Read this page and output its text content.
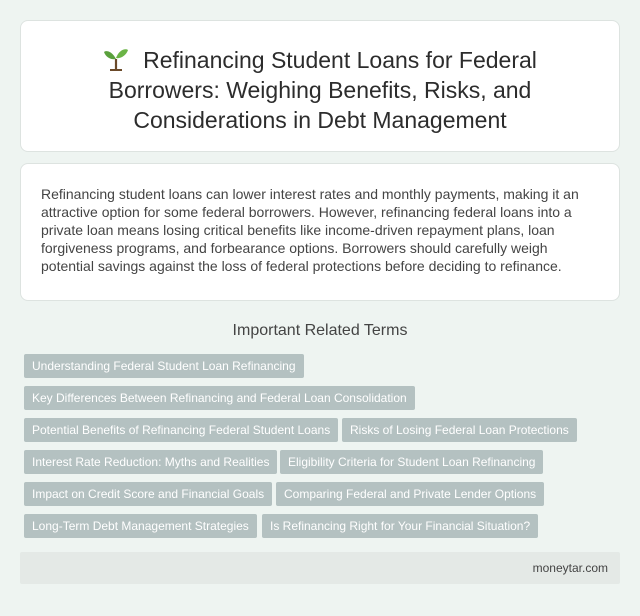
Refinancing Student Loans for Federal Borrowers: Weighing Benefits, Risks, and Considerations in Debt Management

Refinancing student loans can lower interest rates and monthly payments, making it an attractive option for some federal borrowers. However, refinancing federal loans into a private loan means losing critical benefits like income-driven repayment plans, loan forgiveness programs, and forbearance options. Borrowers should carefully weigh potential savings against the loss of federal protections before deciding to refinance.

Important Related Terms
Understanding Federal Student Loan Refinancing
Key Differences Between Refinancing and Federal Loan Consolidation
Potential Benefits of Refinancing Federal Student Loans	Risks of Losing Federal Loan Protections
Interest Rate Reduction: Myths and Realities	Eligibility Criteria for Student Loan Refinancing
Impact on Credit Score and Financial Goals	Comparing Federal and Private Lender Options
Long-Term Debt Management Strategies	Is Refinancing Right for Your Financial Situation?
moneytar.com
